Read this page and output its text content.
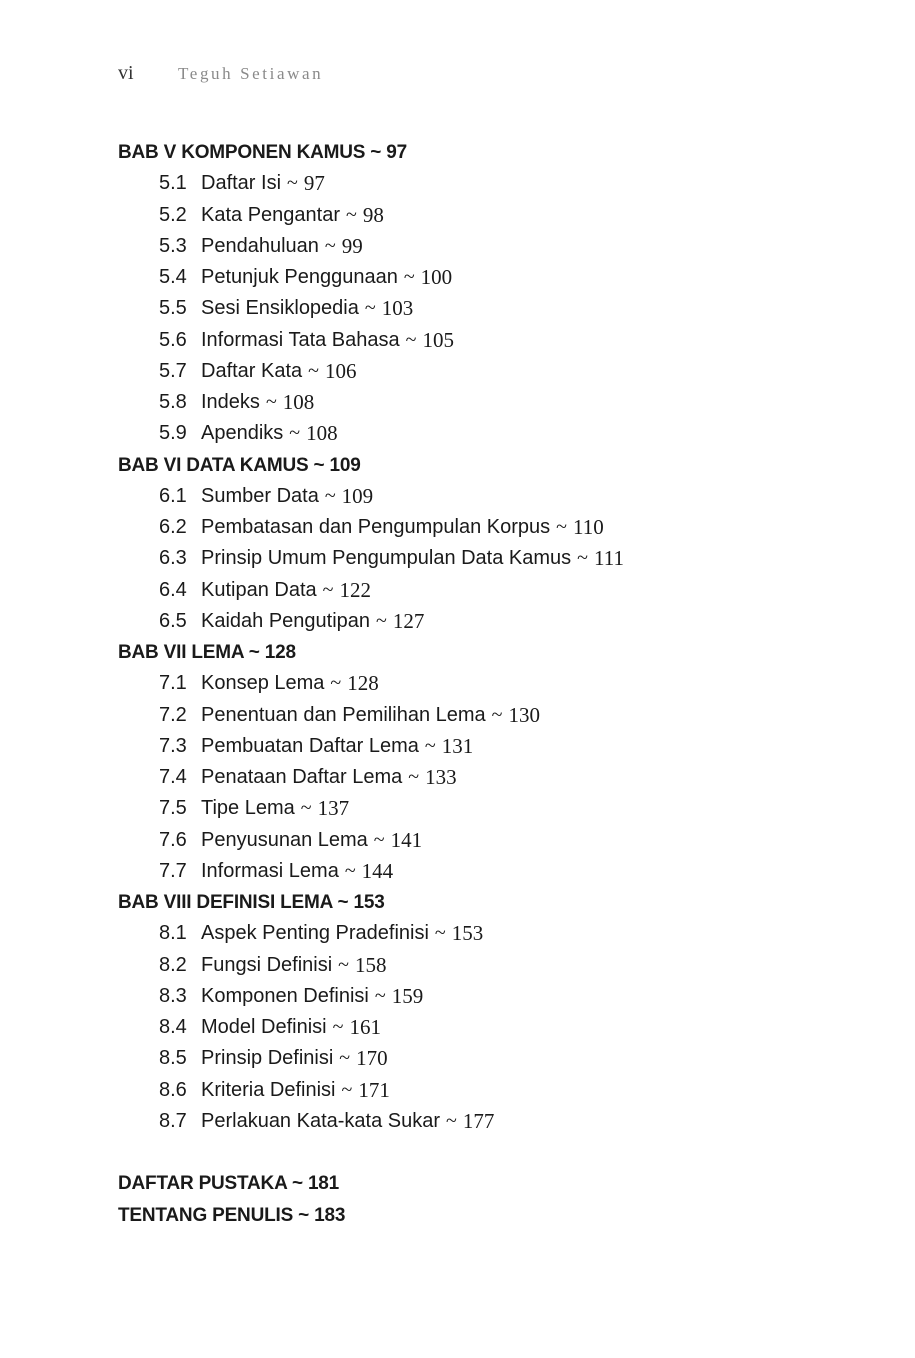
vi	Teguh Setiawan
BAB V KOMPONEN KAMUS ~ 97
5.1 Daftar Isi ~ 97
5.2 Kata Pengantar ~ 98
5.3 Pendahuluan ~ 99
5.4 Petunjuk Penggunaan ~ 100
5.5 Sesi Ensiklopedia ~ 103
5.6 Informasi Tata Bahasa ~ 105
5.7 Daftar Kata ~ 106
5.8 Indeks ~ 108
5.9 Apendiks ~ 108
BAB VI DATA KAMUS ~ 109
6.1 Sumber Data ~ 109
6.2 Pembatasan dan Pengumpulan Korpus ~ 110
6.3 Prinsip Umum Pengumpulan Data Kamus ~ 111
6.4 Kutipan Data ~ 122
6.5 Kaidah Pengutipan ~ 127
BAB VII LEMA ~ 128
7.1 Konsep Lema ~ 128
7.2 Penentuan dan Pemilihan Lema ~ 130
7.3 Pembuatan Daftar Lema ~ 131
7.4 Penataan Daftar Lema ~ 133
7.5 Tipe Lema ~ 137
7.6 Penyusunan Lema ~ 141
7.7 Informasi Lema ~ 144
BAB VIII DEFINISI LEMA ~ 153
8.1 Aspek Penting Pradefinisi ~ 153
8.2 Fungsi Definisi ~ 158
8.3 Komponen Definisi ~ 159
8.4 Model Definisi ~ 161
8.5 Prinsip Definisi ~ 170
8.6 Kriteria Definisi ~ 171
8.7 Perlakuan Kata-kata Sukar ~ 177
DAFTAR PUSTAKA ~ 181
TENTANG PENULIS ~ 183
